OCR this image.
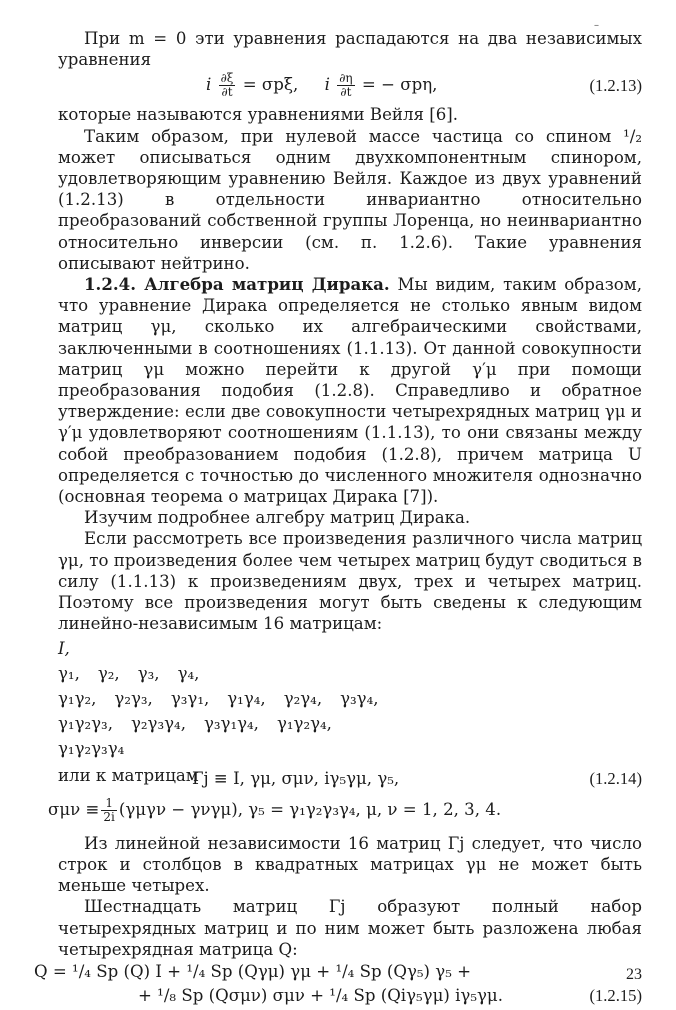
–

При m = 0 эти уравнения распадаются на два независимых уравнения

i $\frac{\partial\xi}{\partial t} = \sigma p\xi$, i $\frac{\partial\eta}{\partial t}$ = − σpη,	(1.2.13)

которые называются уравнениями Вейля [6].

Таким образом, при нулевой массе частица со спином ¹/₂ может описываться одним двухкомпонентным спинором, удовлетворяющим уравнению Вейля. Каждое из двух уравнений (1.2.13) в отдельности инвариантно относительно преобразований собственной группы Лоренца, но неинвариантно относительно инверсии (см. п. 1.2.6). Такие уравнения описывают нейтрино.

1.2.4. Алгебра матриц Дирака. Мы видим, таким образом, что уравнение Дирака определяется не столько явным видом матриц γμ, сколько их алгебраическими свойствами, заключенными в соотношениях (1.1.13). От данной совокупности матриц γμ можно перейти к другой γ′μ при помощи преобразования подобия (1.2.8). Справедливо и обратное утверждение: если две совокупности четырехрядных матриц γμ и γ′μ удовлетворяют соотношениям (1.1.13), то они связаны между собой преобразованием подобия (1.2.8), причем матрица U определяется с точностью до численного множителя однозначно (основная теорема о матрицах Дирака [7]).

Изучим подробнее алгебру матриц Дирака.

Если рассмотреть все произведения различного числа матриц γμ, то произведения более чем четырех матриц будут сводиться в силу (1.1.13) к произведениям двух, трех и четырех матриц. Поэтому все произведения могут быть сведены к следующим линейно-независимым 16 матрицам:

I,
γ₁, γ₂, γ₃, γ₄,
γ₁γ₂, γ₂γ₃, γ₃γ₁, γ₁γ₄, γ₂γ₄, γ₃γ₄,
γ₁γ₂γ₃, γ₂γ₃γ₄, γ₃γ₁γ₄, γ₁γ₂γ₄,
γ₁γ₂γ₃γ₄

или к матрицам

Γj ≡ I, γμ, σμν, iγ₅γμ, γ₅,	(1.2.14)
$\sigma\mu\nu \equiv \frac{1}{2i} (\gamma\mu\gamma\nu - \gamma\nu\gamma\mu)$, γ₅ = γ₁γ₂γ₃γ₄, μ, ν = 1, 2, 3, 4.

Из линейной независимости 16 матриц Γj следует, что число строк и столбцов в квадратных матрицах γμ не может быть меньше четырех.

Шестнадцать матриц Γj образуют полный набор четырехрядных матриц и по ним может быть разложена любая четырехрядная матрица Q:

Q = ¹/₄ Sp (Q) I + ¹/₄ Sp (Qγμ) γμ + ¹/₄ Sp (Qγ₅) γ₅ +
+ ¹/₈ Sp (Qσμν) σμν + ¹/₄ Sp (Qiγ₅γμ) iγ₅γμ.	(1.2.15)
23
